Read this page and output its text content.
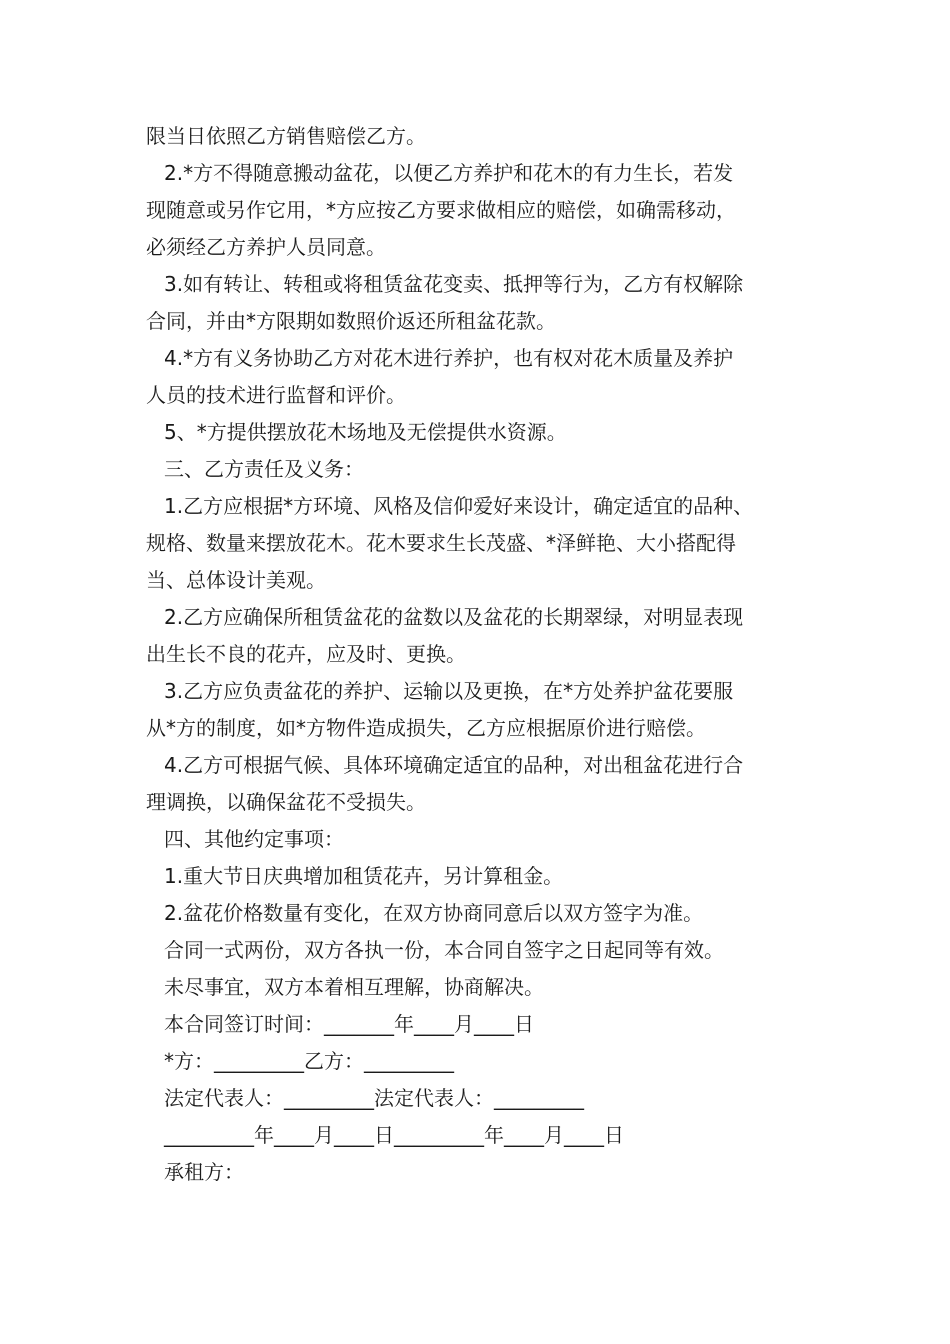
限当日依照乙方销售赔偿乙方。
2.*方不得随意搬动盆花，以便乙方养护和花木的有力生长，若发
现随意或另作它用，*方应按乙方要求做相应的赔偿，如确需移动，
必须经乙方养护人员同意。
3.如有转让、转租或将租赁盆花变卖、抵押等行为，乙方有权解除
合同，并由*方限期如数照价返还所租盆花款。
4.*方有义务协助乙方对花木进行养护，也有权对花木质量及养护
人员的技术进行监督和评价。
5、*方提供摆放花木场地及无偿提供水资源。
三、乙方责任及义务：
1.乙方应根据*方环境、风格及信仰爱好来设计，确定适宜的品种、
规格、数量来摆放花木。花木要求生长茂盛、*泽鲜艳、大小搭配得
当、总体设计美观。
2.乙方应确保所租赁盆花的盆数以及盆花的长期翠绿，对明显表现
出生长不良的花卉，应及时、更换。
3.乙方应负责盆花的养护、运输以及更换，在*方处养护盆花要服
从*方的制度，如*方物件造成损失，乙方应根据原价进行赔偿。
4.乙方可根据气候、具体环境确定适宜的品种，对出租盆花进行合
理调换，以确保盆花不受损失。
四、其他约定事项：
1.重大节日庆典增加租赁花卉，另计算租金。
2.盆花价格数量有变化，在双方协商同意后以双方签字为准。
合同一式两份，双方各执一份，本合同自签字之日起同等有效。
未尽事宜，双方本着相互理解，协商解决。
本合同签订时间：_______年____月____日
*方：_________乙方：_________
法定代表人：_________法定代表人：_________
_________年____月____日_________年____月____日
承租方：
